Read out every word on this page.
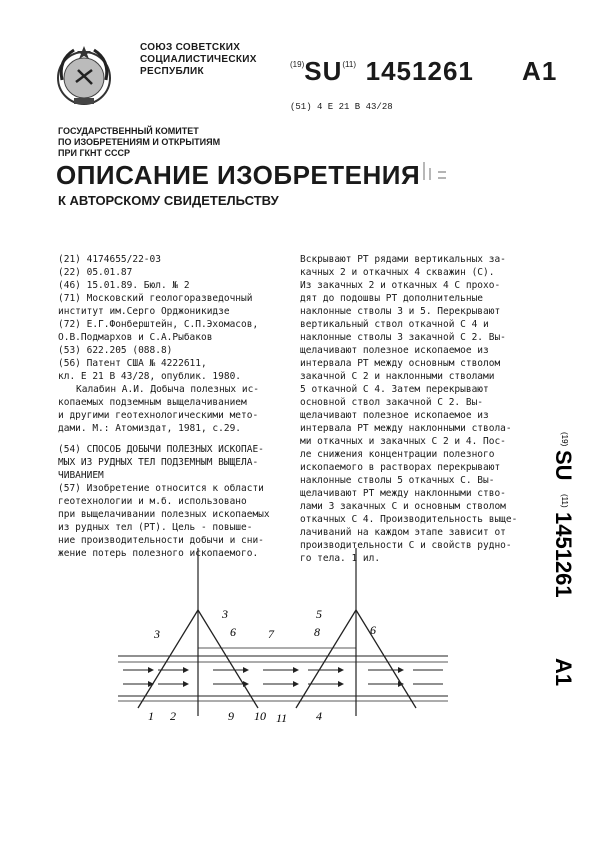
СОЮЗ СОВЕТСКИХ
СОЦИАЛИСТИЧЕСКИХ
РЕСПУБЛИК
$^{(19)}$SU$^{(11)}$ 1451261 A1
(51) 4 E 21 B 43/28
ГОСУДАРСТВЕННЫЙ КОМИТЕТ
ПО ИЗОБРЕТЕНИЯМ И ОТКРЫТИЯМ
ПРИ ГКНТ СССР
ОПИСАНИЕ ИЗОБРЕТЕНИЯ
К АВТОРСКОМУ СВИДЕТЕЛЬСТВУ
(21) 4174655/22-03
(22) 05.01.87
(46) 15.01.89. Бюл. № 2
(71) Московский геологоразведочный
институт им.Серго Орджоникидзе
(72) Е.Г.Фонберштейн, С.П.Эхомасов,
О.В.Подмархов и С.А.Рыбаков
(53) 622.205 (088.8)
(56) Патент США № 4222611,
кл. Е 21 В 43/28, опублик. 1980.
Калабин А.И. Добыча полезных ис-
копаемых подземным выщелачиванием
и другими геотехнологическими мето-
дами. М.: Атомиздат, 1981, с.29.
(54) СПОСОБ ДОБЫЧИ ПОЛЕЗНЫХ ИСКОПАЕ-
МЫХ ИЗ РУДНЫХ ТЕЛ ПОДЗЕМНЫМ ВЫЩЕЛА-
ЧИВАНИЕМ
(57) Изобретение относится к области
геотехнологии и м.б. использовано
при выщелачивании полезных ископаемых
из рудных тел (РТ). Цель - повыше-
ние производительности добычи и сни-
жение потерь полезного ископаемого.
Вскрывают РТ рядами вертикальных за-
качных 2 и откачных 4 скважин (С).
Из закачных 2 и откачных 4 С прохо-
дят до подошвы РТ дополнительные
наклонные стволы 3 и 5. Перекрывают
вертикальный ствол откачной С 4 и
наклонные стволы 3 закачной С 2. Вы-
щелачивают полезное ископаемое из
интервала РТ между основным стволом
закачной С 2 и наклонными стволами
5 откачной С 4. Затем перекрывают
основной ствол закачной С 2. Вы-
щелачивают полезное ископаемое из
интервала РТ между наклонными ствола-
ми откачных и закачных С 2 и 4. Пос-
ле снижения концентрации полезного
ископаемого в растворах перекрывают
наклонные стволы 5 откачных С. Вы-
щелачивают РТ между наклонными ство-
лами 3 закачных С и основным стволом
откачных С 4. Производительность выще-
лачиваний на каждом этапе зависит от
производительности С и свойств рудно-
го тела. 1 ил.
(19)
SU
(11)
1451261
A1
3
3
6	7
5
8	6
1 2	9 10 11 4
